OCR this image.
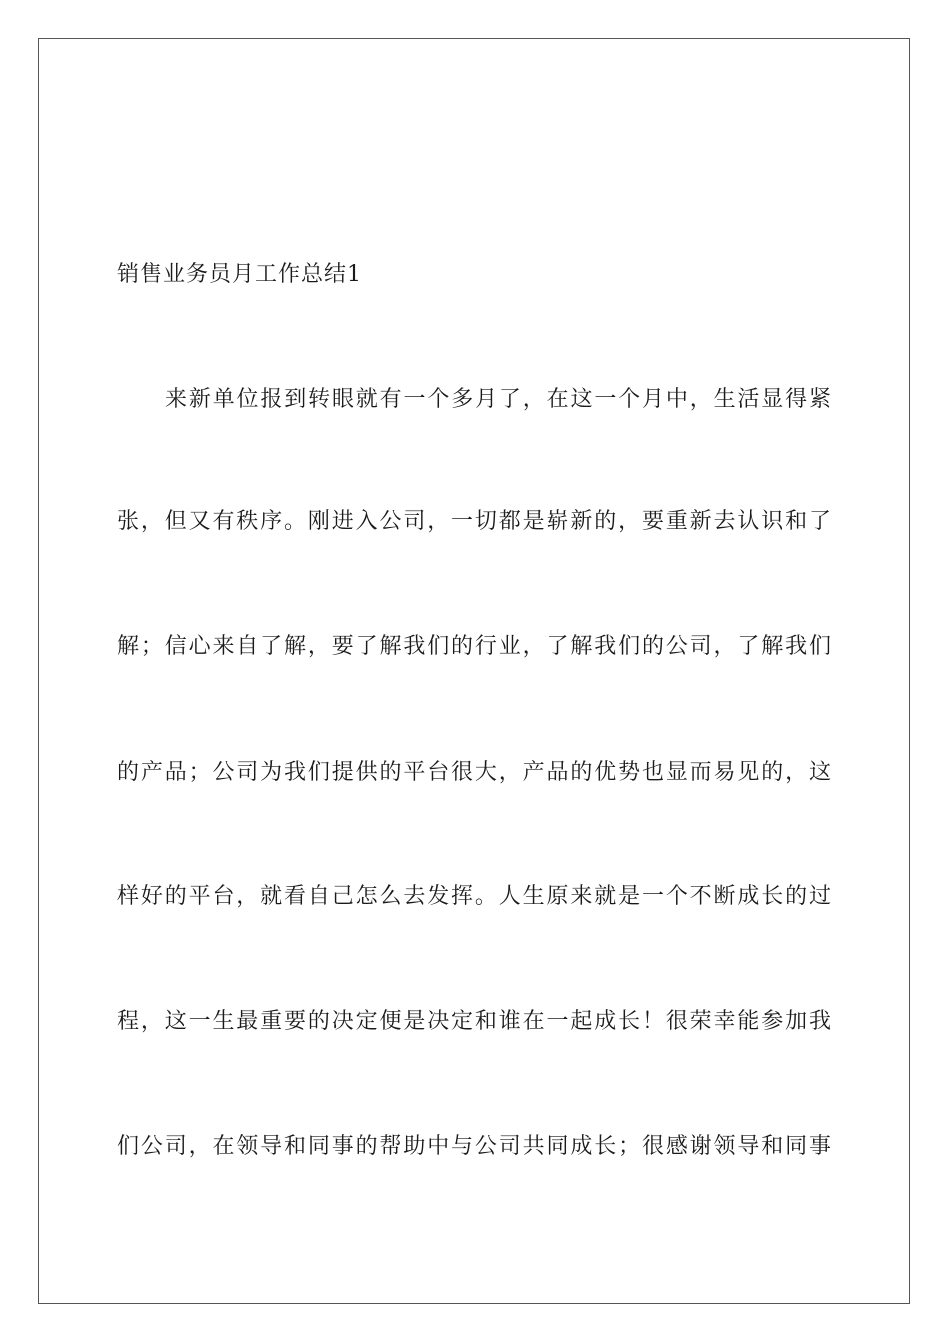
销售业务员月工作总结1
来新单位报到转眼就有一个多月了，在这一个月中，生活显得紧
张，但又有秩序。刚进入公司，一切都是崭新的，要重新去认识和了
解；信心来自了解，要了解我们的行业，了解我们的公司，了解我们
的产品；公司为我们提供的平台很大，产品的优势也显而易见的，这
样好的平台，就看自己怎么去发挥。人生原来就是一个不断成长的过
程，这一生最重要的决定便是决定和谁在一起成长！很荣幸能参加我
们公司，在领导和同事的帮助中与公司共同成长；很感谢领导和同事
